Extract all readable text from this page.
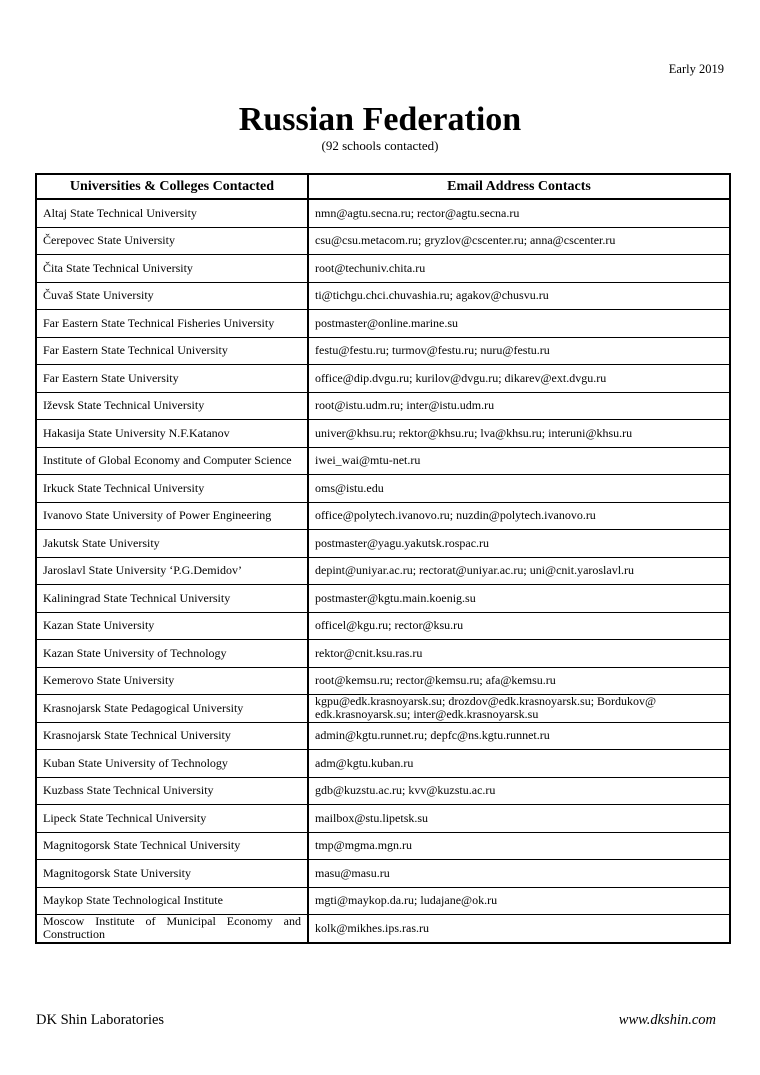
Early 2019
Russian Federation
(92 schools contacted)
Universities & Colleges Contacted	Email Address Contacts
Altaj State Technical University	nmn@agtu.secna.ru; rector@agtu.secna.ru
Čerepovec State University	csu@csu.metacom.ru; gryzlov@cscenter.ru; anna@cscenter.ru
Čita State Technical University	root@techuniv.chita.ru
Čuvaš State University	ti@tichgu.chci.chuvashia.ru; agakov@chusvu.ru
Far Eastern State Technical Fisheries University	postmaster@online.marine.su
Far Eastern State Technical University	festu@festu.ru; turmov@festu.ru; nuru@festu.ru
Far Eastern State University	office@dip.dvgu.ru; kurilov@dvgu.ru; dikarev@ext.dvgu.ru
Iževsk State Technical University	root@istu.udm.ru; inter@istu.udm.ru
Hakasija State University N.F.Katanov	univer@khsu.ru; rektor@khsu.ru; lva@khsu.ru; interuni@khsu.ru
Institute of Global Economy and Computer Science	iwei_wai@mtu-net.ru
Irkuck State Technical University	oms@istu.edu
Ivanovo State University of Power Engineering	office@polytech.ivanovo.ru; nuzdin@polytech.ivanovo.ru
Jakutsk State University	postmaster@yagu.yakutsk.rospac.ru
Jaroslavl State University ‘P.G.Demidov’	depint@uniyar.ac.ru; rectorat@uniyar.ac.ru; uni@cnit.yaroslavl.ru
Kaliningrad State Technical University	postmaster@kgtu.main.koenig.su
Kazan State University	officel@kgu.ru; rector@ksu.ru
Kazan State University of Technology	rektor@cnit.ksu.ras.ru
Kemerovo State University	root@kemsu.ru; rector@kemsu.ru; afa@kemsu.ru
Krasnojarsk State Pedagogical University	kgpu@edk.krasnoyarsk.su; drozdov@edk.krasnoyarsk.su; Bordukov@ edk.krasnoyarsk.su; inter@edk.krasnoyarsk.su
Krasnojarsk State Technical University	admin@kgtu.runnet.ru; depfc@ns.kgtu.runnet.ru
Kuban State University of Technology	adm@kgtu.kuban.ru
Kuzbass State Technical University	gdb@kuzstu.ac.ru; kvv@kuzstu.ac.ru
Lipeck State Technical University	mailbox@stu.lipetsk.su
Magnitogorsk State Technical University	tmp@mgma.mgn.ru
Magnitogorsk State University	masu@masu.ru
Maykop State Technological Institute	mgti@maykop.da.ru; ludajane@ok.ru
Moscow Institute of Municipal Economy and Construction	kolk@mikhes.ips.ras.ru
DK Shin Laboratories	www.dkshin.com
